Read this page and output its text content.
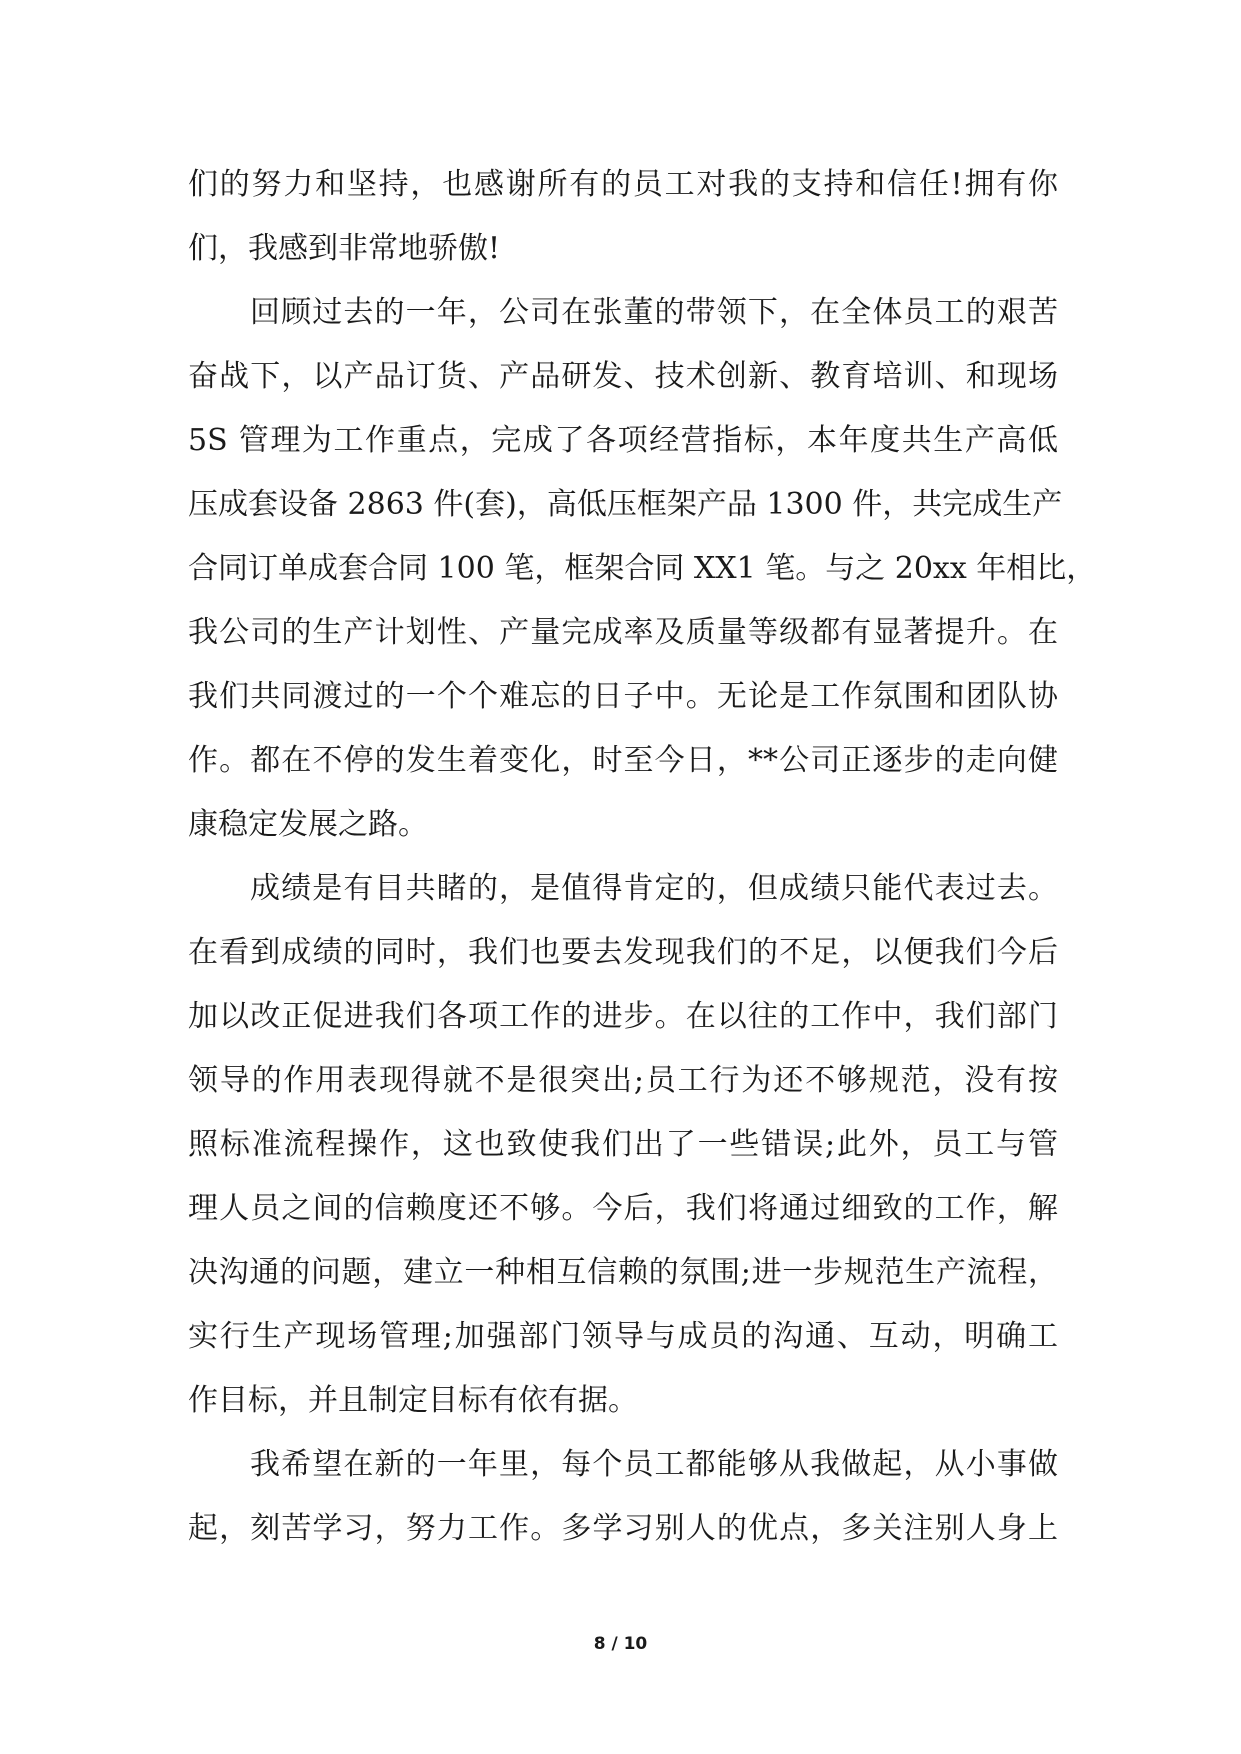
们的努力和坚持，也感谢所有的员工对我的支持和信任!拥有你
们，我感到非常地骄傲!
回顾过去的一年，公司在张董的带领下，在全体员工的艰苦
奋战下，以产品订货、产品研发、技术创新、教育培训、和现场
5S 管理为工作重点，完成了各项经营指标，本年度共生产高低
压成套设备 2863 件(套)，高低压框架产品 1300 件，共完成生产
合同订单成套合同 100 笔，框架合同 XX1 笔。与之 20xx 年相比，
我公司的生产计划性、产量完成率及质量等级都有显著提升。在
我们共同渡过的一个个难忘的日子中。无论是工作氛围和团队协
作。都在不停的发生着变化，时至今日，**公司正逐步的走向健
康稳定发展之路。
成绩是有目共睹的，是值得肯定的，但成绩只能代表过去。
在看到成绩的同时，我们也要去发现我们的不足，以便我们今后
加以改正促进我们各项工作的进步。在以往的工作中，我们部门
领导的作用表现得就不是很突出;员工行为还不够规范，没有按
照标准流程操作，这也致使我们出了一些错误;此外，员工与管
理人员之间的信赖度还不够。今后，我们将通过细致的工作，解
决沟通的问题，建立一种相互信赖的氛围;进一步规范生产流程，
实行生产现场管理;加强部门领导与成员的沟通、互动，明确工
作目标，并且制定目标有依有据。
我希望在新的一年里，每个员工都能够从我做起，从小事做
起，刻苦学习，努力工作。多学习别人的优点，多关注别人身上
8 / 10
